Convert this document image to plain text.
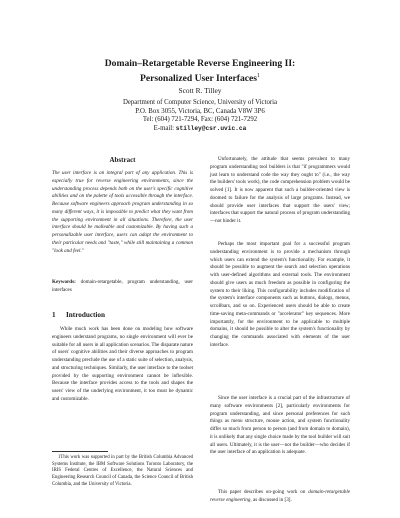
Domain–Retargetable Reverse Engineering II:
Personalized User Interfaces$^1$
Scott R. Tilley
Department of Computer Science, University of Victoria
P.O. Box 3055, Victoria, BC, Canada V8W 3P6
Tel: (604) 721-7294, Fax: (604) 721-7292
E-mail: stilley@csr.uvic.ca
Abstract
The user interface is an integral part of any application. This is especially true for reverse engineering environments, since the understanding process depends both on the user's specific cognitive abilities and on the palette of tools accessible through the interface. Because software engineers approach program understanding in so many different ways, it is impossible to predict what they want from the supporting environment in all situations. Therefore, the user interface should be malleable and customizable. By having such a personalizable user interface, users can adapt the environment to their particular needs and "taste," while still maintaining a common "look and feel."
Keywords: domain-retargetable, program understanding, user interfaces
1 Introduction
While much work has been done on modeling how software engineers understand programs, no single environment will ever be suitable for all users in all application scenarios. The disparate nature of users' cognitive abilities and their diverse approaches to program understanding preclude the use of a static suite of selection, analysis, and structuring techniques. Similarly, the user interface to the toolset provided by the supporting environment cannot be inflexible. Because the interface provides access to the tools and shapes the users' view of the underlying environment, it too must be dynamic and customizable.
1This work was supported in part by the British Columbia Advanced Systems Institute, the IBM Software Solutions Toronto Laboratory, the IRIS Federal Centres of Excellence, the Natural Sciences and Engineering Research Council of Canada, the Science Council of British Columbia, and the University of Victoria.
Unfortunately, the attitude that seems prevalent to many program understanding tool builders is that "if programmers would just learn to understand code the way they ought to" (i.e., the way the builders' tools work), the code comprehension problem would be solved [1]. It is now apparent that such a builder-oriented view is doomed to failure for the analysis of large programs. Instead, we should provide user interfaces that support the users' view; interfaces that support the natural process of program understanding—not hinder it.
Perhaps the most important goal for a successful program understanding environment is to provide a mechanism through which users can extend the system's functionality. For example, it should be possible to augment the search and selection operations with user-defined algorithms and external tools. The environment should give users as much freedom as possible in configuring the system to their liking. This configurability includes modification of the system's interface components such as buttons, dialogs, menus, scrollbars, and so on. Experienced users should be able to create time-saving meta-commands or "accelerator" key sequences. More importantly, for the environment to be applicable to multiple domains, it should be possible to alter the system's functionality by changing the commands associated with elements of the user interface.
Since the user interface is a crucial part of the infrastructure of many software environments [2], particularly environments for program understanding, and since personal preferences for such things as menu structure, mouse action, and system functionality differ so much from person to person (and from domain to domain), it is unlikely that any single choice made by the tool builder will suit all users. Ultimately, it is the user—not the builder—who decides if the user interface of an application is adequate.
This paper describes on-going work on domain-retargetable reverse engineering, as discussed in [3].
